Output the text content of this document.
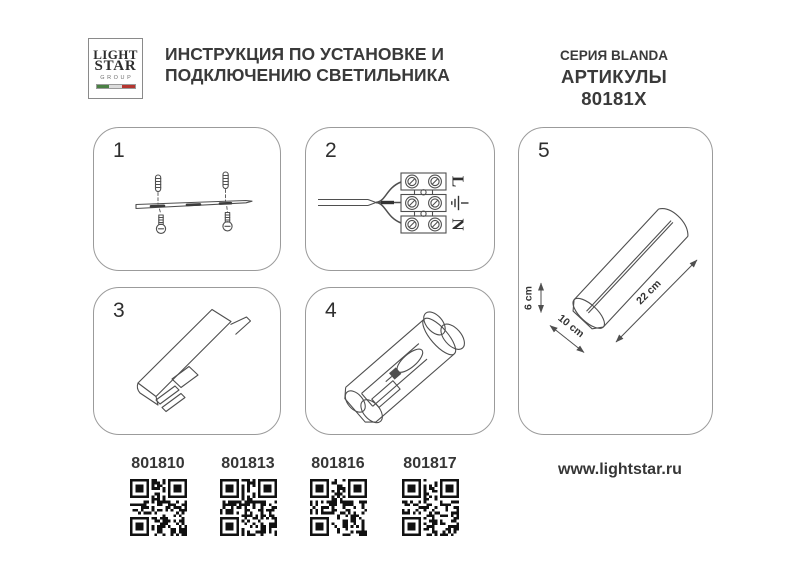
LIGHT
STAR
GROUP
ИНСТРУКЦИЯ ПО УСТАНОВКЕ И
ПОДКЛЮЧЕНИЮ СВЕТИЛЬНИКА
СЕРИЯ BLANDA
АРТИКУЛЫ 80181X
1	2
L
N
3	4
5
6 cm
10 cm
22 cm
801810	801813	801816	801817	www.lightstar.ru
